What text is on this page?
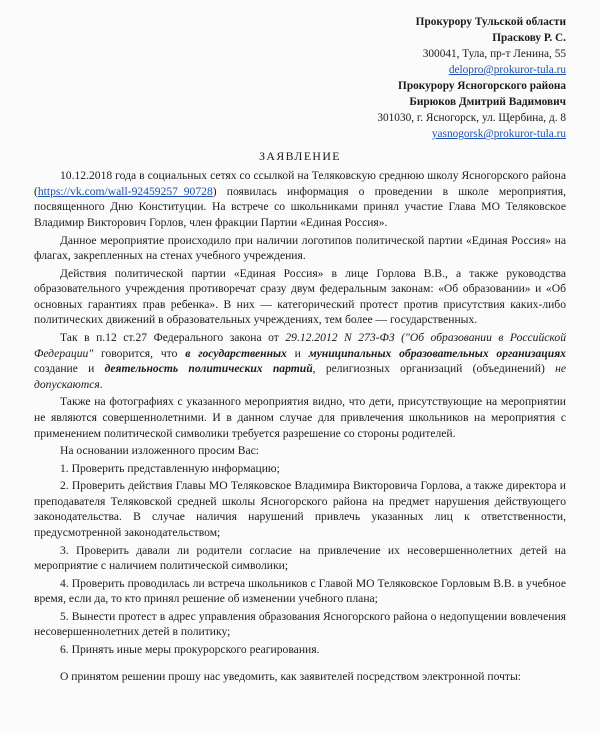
Прокурору Тульской области
Праскову Р. С.
300041, Тула, пр-т Ленина, 55
delopro@prokuror-tula.ru
Прокурору Ясногорского района
Бирюков Дмитрий Вадимович
301030, г. Ясногорск, ул. Щербина, д. 8
yasnogorsk@prokuror-tula.ru
ЗАЯВЛЕНИЕ

10.12.2018 года в социальных сетях со ссылкой на Теляковскую среднюю школу Ясногорского района (https://vk.com/wall-92459257_90728) появилась информация о проведении в школе мероприятия, посвященного Дню Конституции. На встрече со школьниками принял участие Глава МО Теляковское Владимир Викторович Горлов, член фракции Партии «Единая Россия».

Данное мероприятие происходило при наличии логотипов политической партии «Единая Россия» на флагах, закрепленных на стенах учебного учреждения.

Действия политической партии «Единая Россия» в лице Горлова В.В., а также руководства образовательного учреждения противоречат сразу двум федеральным законам: «Об образовании» и «Об основных гарантиях прав ребенка». В них — категорический протест против присутствия каких-либо политических движений в образовательных учреждениях, тем более — государственных.

Так в п.12 ст.27 Федерального закона от 29.12.2012 N 273-ФЗ ("Об образовании в Российской Федерации" говорится, что в государственных и муниципальных образовательных организациях создание и деятельность политических партий, религиозных организаций (объединений) не допускаются.

Также на фотографиях с указанного мероприятия видно, что дети, присутствующие на мероприятии не являются совершеннолетними. И в данном случае для привлечения школьников на мероприятия с применением политической символики требуется разрешение со стороны родителей.

На основании изложенного просим Вас:

1. Проверить представленную информацию;

2. Проверить действия Главы МО Теляковское Владимира Викторовича Горлова, а также директора и преподавателя Теляковской средней школы Ясногорского района на предмет нарушения действующего законодательства. В случае наличия нарушений привлечь указанных лиц к ответственности, предусмотренной законодательством;

3. Проверить давали ли родители согласие на привлечение их несовершеннолетних детей на мероприятие с наличием политической символики;

4. Проверить проводилась ли встреча школьников с Главой МО Теляковское Горловым В.В. в учебное время, если да, то кто принял решение об изменении учебного плана;

5. Вынести протест в адрес управления образования Ясногорского района о недопущении вовлечения несовершеннолетних детей в политику;

6. Принять иные меры прокурорского реагирования.

О принятом решении прошу нас уведомить, как заявителей посредством электронной почты:
